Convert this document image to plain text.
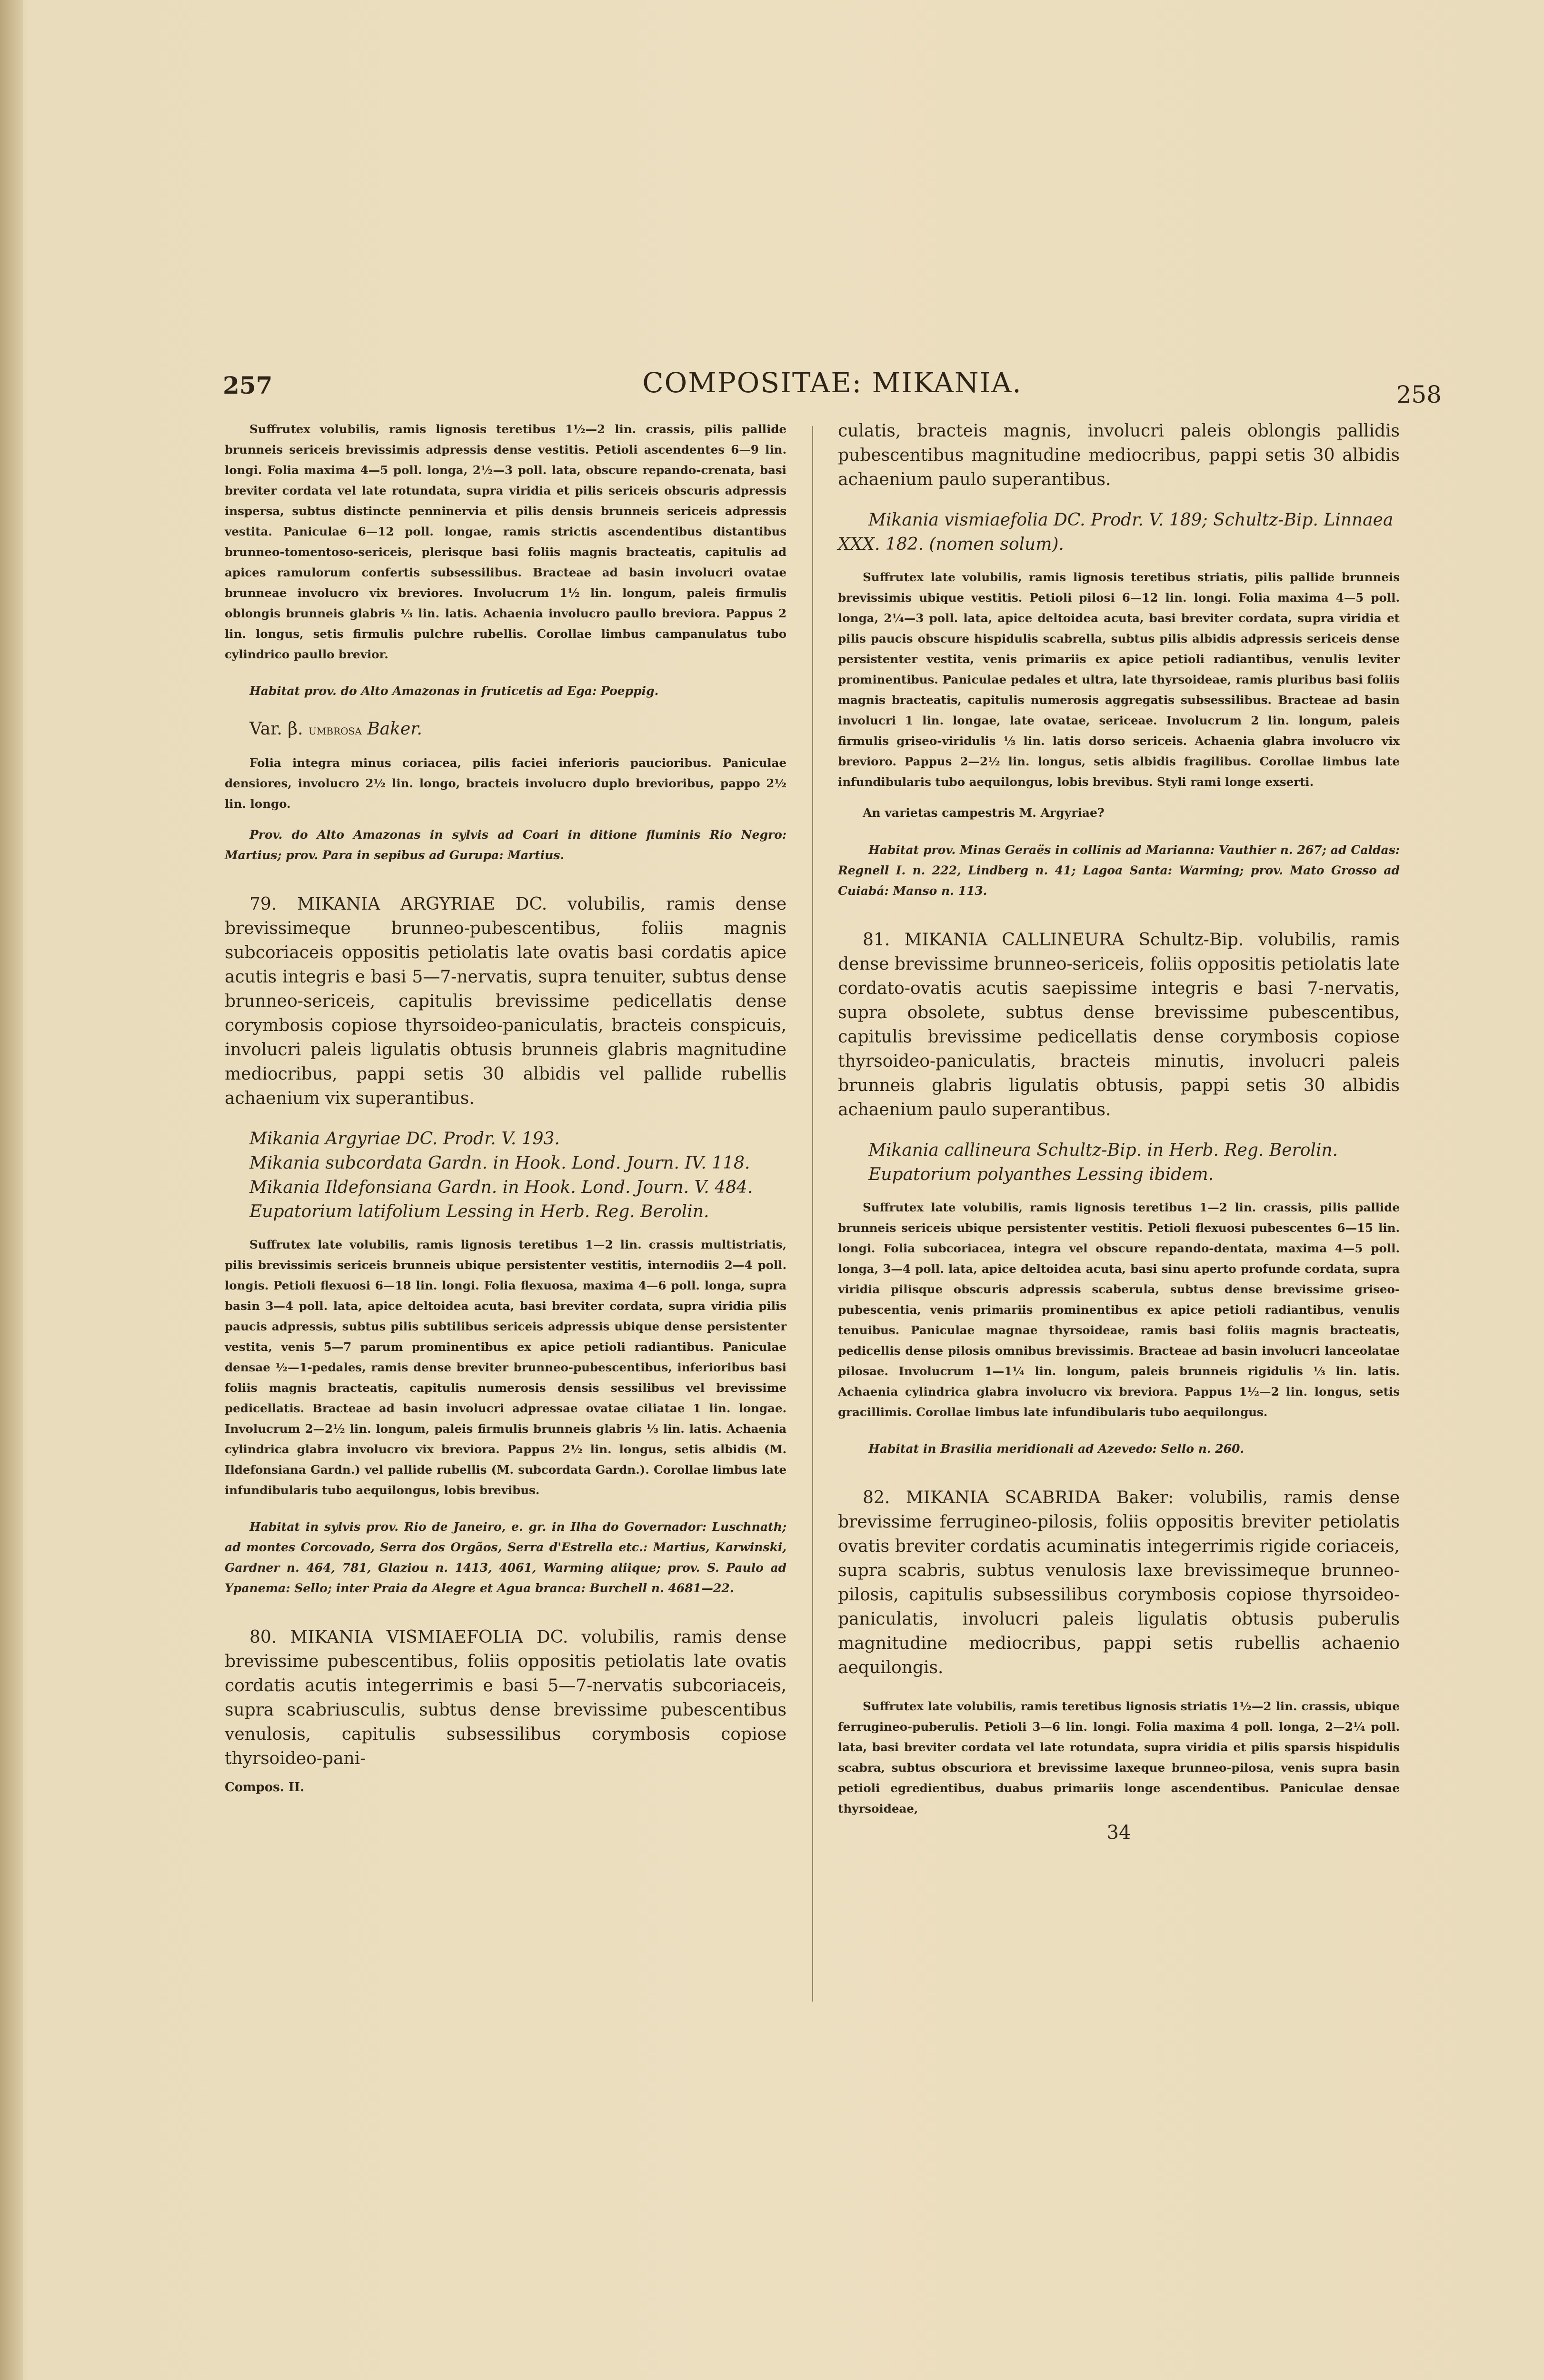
257	COMPOSITAE: MIKANIA.	258

Suffrutex volubilis, ramis lignosis teretibus 1½—2 lin. crassis, pilis pallide brunneis sericeis brevissimis adpressis dense vestitis. Petioli ascendentes 6—9 lin. longi. Folia maxima 4—5 poll. longa, 2½—3 poll. lata, obscure repando-crenata, basi breviter cordata vel late rotundata, supra viridia et pilis sericeis obscuris adpressis inspersa, subtus distincte penninervia et pilis densis brunneis sericeis adpressis vestita. Paniculae 6—12 poll. longae, ramis strictis ascendentibus distantibus brunneo-tomentoso-sericeis, plerisque basi foliis magnis bracteatis, capitulis ad apices ramulorum confertis subsessilibus. Bracteae ad basin involucri ovatae brunneae involucro vix breviores. Involucrum 1½ lin. longum, paleis firmulis oblongis brunneis glabris ⅓ lin. latis. Achaenia involucro paullo breviora. Pappus 2 lin. longus, setis firmulis pulchre rubellis. Corollae limbus campanulatus tubo cylindrico paullo brevior.

Habitat prov. do Alto Amazonas in fruticetis ad Ega: Poeppig.

Var. β. umbrosa Baker.

Folia integra minus coriacea, pilis faciei inferioris paucioribus. Paniculae densiores, involucro 2½ lin. longo, bracteis involucro duplo brevioribus, pappo 2½ lin. longo.

Prov. do Alto Amazonas in sylvis ad Coari in ditione fluminis Rio Negro: Martius; prov. Para in sepibus ad Gurupa: Martius.

79. MIKANIA ARGYRIAE DC. volubilis, ramis dense brevissimeque brunneo-pubescentibus, foliis magnis subcoriaceis oppositis petiolatis late ovatis basi cordatis apice acutis integris e basi 5—7-nervatis, supra tenuiter, subtus dense brunneo-sericeis, capitulis brevissime pedicellatis dense corymbosis copiose thyrsoideo-paniculatis, bracteis conspicuis, involucri paleis ligulatis obtusis brunneis glabris magnitudine mediocribus, pappi setis 30 albidis vel pallide rubellis achaenium vix superantibus.

Mikania Argyriae DC. Prodr. V. 193.

Mikania subcordata Gardn. in Hook. Lond. Journ. IV. 118.

Mikania Ildefonsiana Gardn. in Hook. Lond. Journ. V. 484.

Eupatorium latifolium Lessing in Herb. Reg. Berolin.

Suffrutex late volubilis, ramis lignosis teretibus 1—2 lin. crassis multistriatis, pilis brevissimis sericeis brunneis ubique persistenter vestitis, internodiis 2—4 poll. longis. Petioli flexuosi 6—18 lin. longi. Folia flexuosa, maxima 4—6 poll. longa, supra basin 3—4 poll. lata, apice deltoidea acuta, basi breviter cordata, supra viridia pilis paucis adpressis, subtus pilis subtilibus sericeis adpressis ubique dense persistenter vestita, venis 5—7 parum prominentibus ex apice petioli radiantibus. Paniculae densae ½—1-pedales, ramis dense breviter brunneo-pubescentibus, inferioribus basi foliis magnis bracteatis, capitulis numerosis densis sessilibus vel brevissime pedicellatis. Bracteae ad basin involucri adpressae ovatae ciliatae 1 lin. longae. Involucrum 2—2½ lin. longum, paleis firmulis brunneis glabris ⅓ lin. latis. Achaenia cylindrica glabra involucro vix breviora. Pappus 2½ lin. longus, setis albidis (M. Ildefonsiana Gardn.) vel pallide rubellis (M. subcordata Gardn.). Corollae limbus late infundibularis tubo aequilongus, lobis brevibus.

Habitat in sylvis prov. Rio de Janeiro, e. gr. in Ilha do Governador: Luschnath; ad montes Corcovado, Serra dos Orgãos, Serra d'Estrella etc.: Martius, Karwinski, Gardner n. 464, 781, Glaziou n. 1413, 4061, Warming aliique; prov. S. Paulo ad Ypanema: Sello; inter Praia da Alegre et Agua branca: Burchell n. 4681—22.

80. MIKANIA VISMIAEFOLIA DC. volubilis, ramis dense brevissime pubescentibus, foliis oppositis petiolatis late ovatis cordatis acutis integerrimis e basi 5—7-nervatis subcoriaceis, supra scabriusculis, subtus dense brevissime pubescentibus venulosis, capitulis subsessilibus corymbosis copiose thyrsoideo-pani-

Compos. II.

culatis, bracteis magnis, involucri paleis oblongis pallidis pubescentibus magnitudine mediocribus, pappi setis 30 albidis achaenium paulo superantibus.

Mikania vismiaefolia DC. Prodr. V. 189; Schultz-Bip. Linnaea XXX. 182. (nomen solum).

Suffrutex late volubilis, ramis lignosis teretibus striatis, pilis pallide brunneis brevissimis ubique vestitis. Petioli pilosi 6—12 lin. longi. Folia maxima 4—5 poll. longa, 2¼—3 poll. lata, apice deltoidea acuta, basi breviter cordata, supra viridia et pilis paucis obscure hispidulis scabrella, subtus pilis albidis adpressis sericeis dense persistenter vestita, venis primariis ex apice petioli radiantibus, venulis leviter prominentibus. Paniculae pedales et ultra, late thyrsoideae, ramis pluribus basi foliis magnis bracteatis, capitulis numerosis aggregatis subsessilibus. Bracteae ad basin involucri 1 lin. longae, late ovatae, sericeae. Involucrum 2 lin. longum, paleis firmulis griseo-viridulis ⅓ lin. latis dorso sericeis. Achaenia glabra involucro vix brevioro. Pappus 2—2½ lin. longus, setis albidis fragilibus. Corollae limbus late infundibularis tubo aequilongus, lobis brevibus. Styli rami longe exserti.

An varietas campestris M. Argyriae?

Habitat prov. Minas Geraës in collinis ad Marianna: Vauthier n. 267; ad Caldas: Regnell I. n. 222, Lindberg n. 41; Lagoa Santa: Warming; prov. Mato Grosso ad Cuiabá: Manso n. 113.

81. MIKANIA CALLINEURA Schultz-Bip. volubilis, ramis dense brevissime brunneo-sericeis, foliis oppositis petiolatis late cordato-ovatis acutis saepissime integris e basi 7-nervatis, supra obsolete, subtus dense brevissime pubescentibus, capitulis brevissime pedicellatis dense corymbosis copiose thyrsoideo-paniculatis, bracteis minutis, involucri paleis brunneis glabris ligulatis obtusis, pappi setis 30 albidis achaenium paulo superantibus.

Mikania callineura Schultz-Bip. in Herb. Reg. Berolin.

Eupatorium polyanthes Lessing ibidem.

Suffrutex late volubilis, ramis lignosis teretibus 1—2 lin. crassis, pilis pallide brunneis sericeis ubique persistenter vestitis. Petioli flexuosi pubescentes 6—15 lin. longi. Folia subcoriacea, integra vel obscure repando-dentata, maxima 4—5 poll. longa, 3—4 poll. lata, apice deltoidea acuta, basi sinu aperto profunde cordata, supra viridia pilisque obscuris adpressis scaberula, subtus dense brevissime griseo-pubescentia, venis primariis prominentibus ex apice petioli radiantibus, venulis tenuibus. Paniculae magnae thyrsoideae, ramis basi foliis magnis bracteatis, pedicellis dense pilosis omnibus brevissimis. Bracteae ad basin involucri lanceolatae pilosae. Involucrum 1—1¼ lin. longum, paleis brunneis rigidulis ⅓ lin. latis. Achaenia cylindrica glabra involucro vix breviora. Pappus 1½—2 lin. longus, setis gracillimis. Corollae limbus late infundibularis tubo aequilongus.

Habitat in Brasilia meridionali ad Azevedo: Sello n. 260.

82. MIKANIA SCABRIDA Baker: volubilis, ramis dense brevissime ferrugineo-pilosis, foliis oppositis breviter petiolatis ovatis breviter cordatis acuminatis integerrimis rigide coriaceis, supra scabris, subtus venulosis laxe brevissimeque brunneo-pilosis, capitulis subsessilibus corymbosis copiose thyrsoideo-paniculatis, involucri paleis ligulatis obtusis puberulis magnitudine mediocribus, pappi setis rubellis achaenio aequilongis.

Suffrutex late volubilis, ramis teretibus lignosis striatis 1½—2 lin. crassis, ubique ferrugineo-puberulis. Petioli 3—6 lin. longi. Folia maxima 4 poll. longa, 2—2¼ poll. lata, basi breviter cordata vel late rotundata, supra viridia et pilis sparsis hispidulis scabra, subtus obscuriora et brevissime laxeque brunneo-pilosa, venis supra basin petioli egredientibus, duabus primariis longe ascendentibus. Paniculae densae thyrsoideae,

34
